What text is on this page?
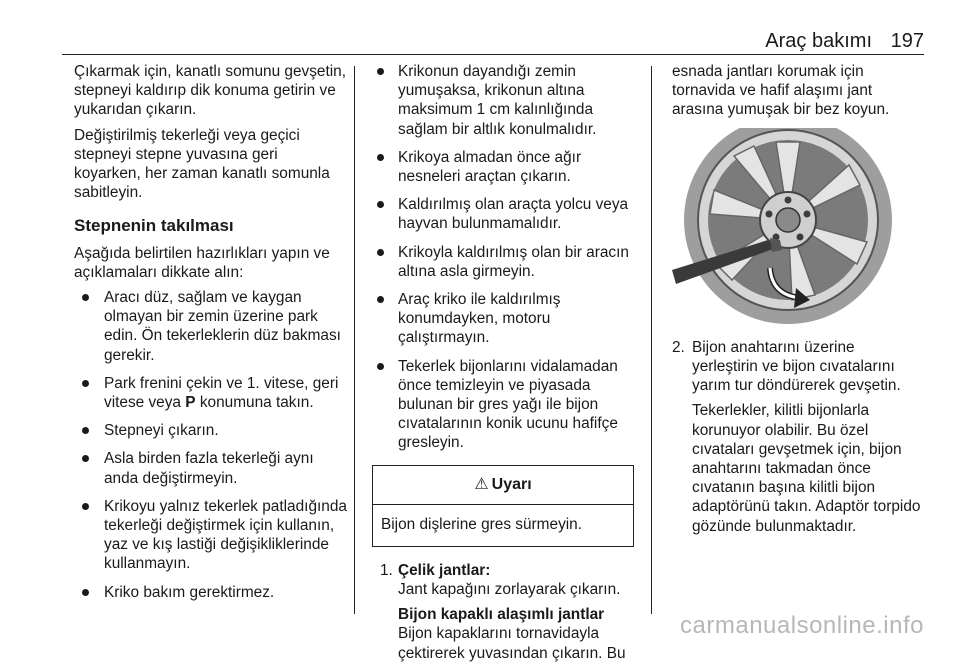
Araç bakımı 197

Çıkarmak için, kanatlı somunu gevşetin, stepneyi kaldırıp dik konuma getirin ve yukarıdan çıkarın.

Değiştirilmiş tekerleği veya geçici stepneyi stepne yuvasına geri koyarken, her zaman kanatlı somunla sabitleyin.

Stepnenin takılması

Aşağıda belirtilen hazırlıkları yapın ve açıklamaları dikkate alın:

Aracı düz, sağlam ve kaygan olmayan bir zemin üzerine park edin. Ön tekerleklerin düz bakması gerekir.
Park frenini çekin ve 1. vitese, geri vitese veya P konumuna takın.
Stepneyi çıkarın.
Asla birden fazla tekerleği aynı anda değiştirmeyin.
Krikoyu yalnız tekerlek patladığında tekerleği değiştirmek için kullanın, yaz ve kış lastiği değişikliklerinde kullanmayın.
Kriko bakım gerektirmez.
Krikonun dayandığı zemin yumuşaksa, krikonun altına maksimum 1 cm kalınlığında sağlam bir altlık konulmalıdır.
Krikoya almadan önce ağır nesneleri araçtan çıkarın.
Kaldırılmış olan araçta yolcu veya hayvan bulunmamalıdır.
Krikoyla kaldırılmış olan bir aracın altına asla girmeyin.
Araç kriko ile kaldırılmış konumdayken, motoru çalıştırmayın.
Tekerlek bijonlarını vidalamadan önce temizleyin ve piyasada bulunan bir gres yağı ile bijon cıvatalarının konik ucunu hafifçe gresleyin.
⚠ Uyarı
Bijon dişlerine gres sürmeyin.
1. Çelik jantlar:

Jant kapağını zorlayarak çıkarın.

Bijon kapaklı alaşımlı jantlar

Bijon kapaklarını tornavidayla çektirerek yuvasından çıkarın. Bu

esnada jantları korumak için tornavida ve hafif alaşımı jant arasına yumuşak bir bez koyun.

2. Bijon anahtarını üzerine yerleştirin ve bijon cıvatalarını yarım tur döndürerek gevşetin.

Tekerlekler, kilitli bijonlarla korunuyor olabilir. Bu özel cıvataları gevşetmek için, bijon anahtarını takmadan önce cıvatanın başına kilitli bijon adaptörünü takın. Adaptör torpido gözünde bulunmaktadır.

carmanualsonline.info
